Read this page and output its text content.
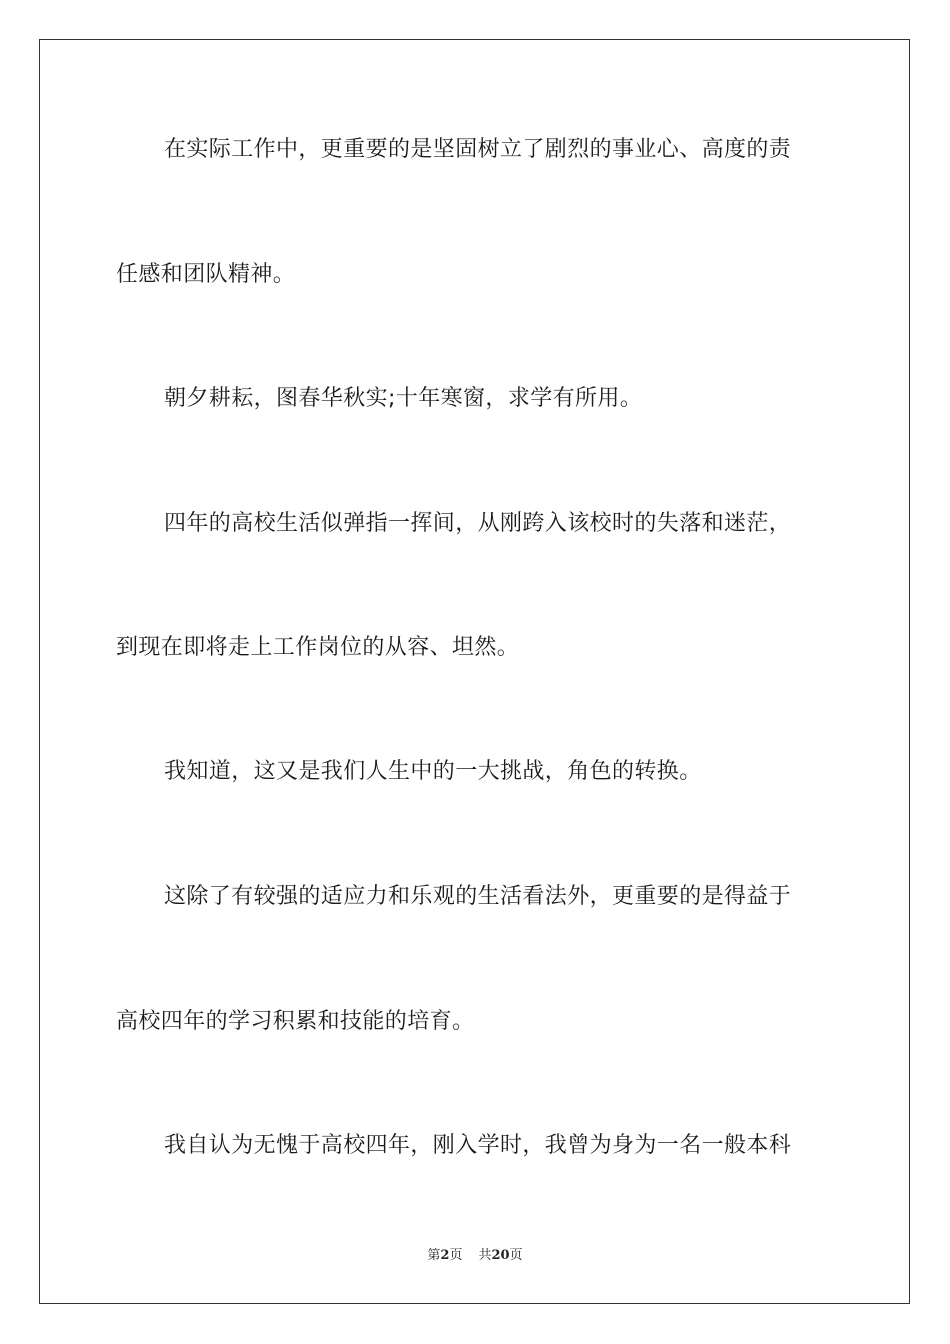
在实际工作中，更重要的是坚固树立了剧烈的事业心、高度的责
任感和团队精神。
朝夕耕耘，图春华秋实;十年寒窗，求学有所用。
四年的高校生活似弹指一挥间，从刚跨入该校时的失落和迷茫，
到现在即将走上工作岗位的从容、坦然。
我知道，这又是我们人生中的一大挑战，角色的转换。
这除了有较强的适应力和乐观的生活看法外，更重要的是得益于
高校四年的学习积累和技能的培育。
我自认为无愧于高校四年，刚入学时，我曾为身为一名一般本科
第2页 共20页
